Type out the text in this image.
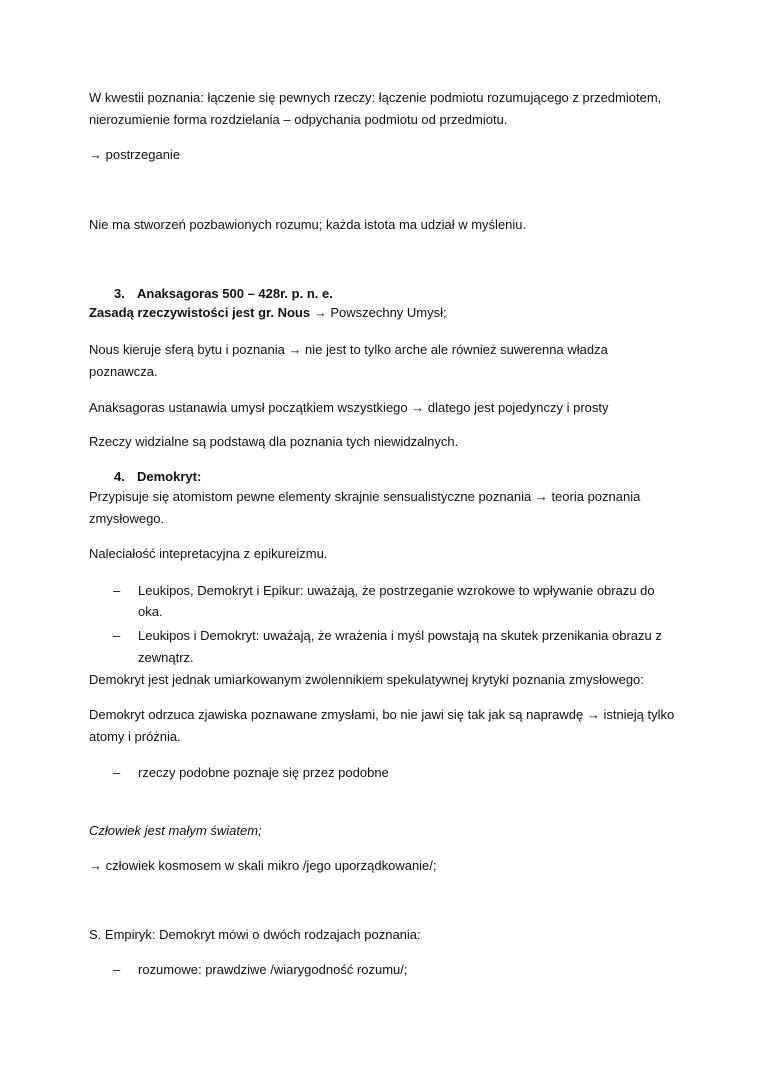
W kwestii poznania: łączenie się pewnych rzeczy: łączenie podmiotu rozumującego z przedmiotem,
nierozumienie forma rozdzielania – odpychania podmiotu od przedmiotu.
→ postrzeganie
Nie ma stworzeń pozbawionych rozumu; każda istota ma udział w myśleniu.
3. Anaksagoras 500 – 428r. p. n. e.
Zasadą rzeczywistości jest gr. Nous → Powszechny Umysł;
Nous kieruje sferą bytu i poznania → nie jest to tylko arche ale również suwerenna władza
poznawcza.
Anaksagoras ustanawia umysł początkiem wszystkiego → dlatego jest pojedynczy i prosty
Rzeczy widzialne są podstawą dla poznania tych niewidzalnych.
4. Demokryt:
Przypisuje się atomistom pewne elementy skrajnie sensualistyczne poznania → teoria poznania
zmysłowego.
Naleciałość intepretacyjna z epikureizmu.
– Leukipos, Demokryt i Epikur: uważają, że postrzeganie wzrokowe to wpływanie obrazu do
oka.
– Leukipos i Demokryt: uważają, że wrażenia i myśl powstają na skutek przenikania obrazu z
zewnątrz.
Demokryt jest jednak umiarkowanym zwolennikiem spekulatywnej krytyki poznania zmysłowego:
Demokryt odrzuca zjawiska poznawane zmysłami, bo nie jawi się tak jak są naprawdę → istnieją tylko
atomy i próżnia.
– rzeczy podobne poznaje się przez podobne
Człowiek jest małym światem;
→ człowiek kosmosem w skali mikro /jego uporządkowanie/;
S. Empiryk: Demokryt mówi o dwóch rodzajach poznania:
– rozumowe: prawdziwe /wiarygodność rozumu/;
